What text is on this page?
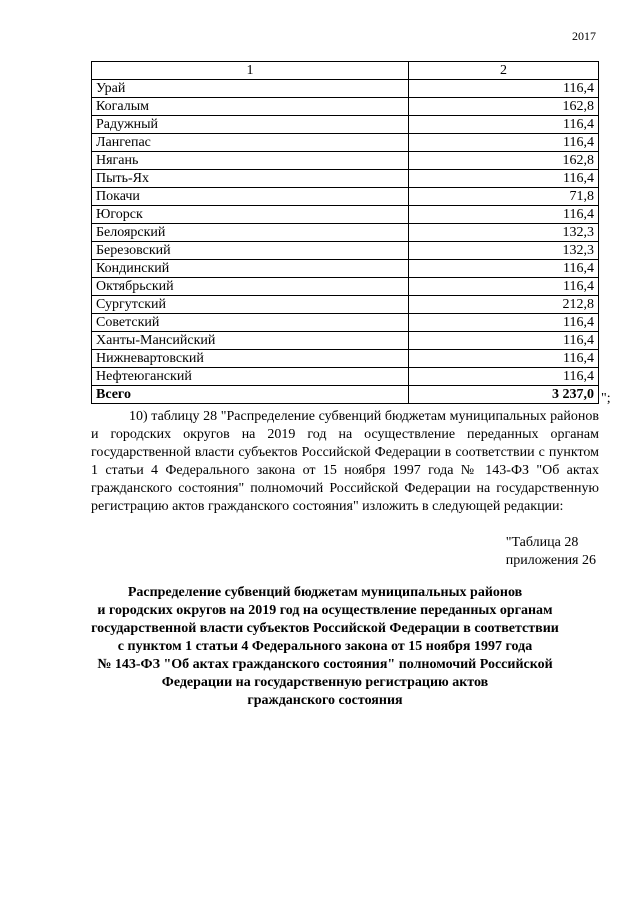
2017
1	2
Урай	116,4
Когалым	162,8
Радужный	116,4
Лангепас	116,4
Нягань	162,8
Пыть-Ях	116,4
Покачи	71,8
Югорск	116,4
Белоярский	132,3
Березовский	132,3
Кондинский	116,4
Октябрьский	116,4
Сургутский	212,8
Советский	116,4
Ханты-Мансийский	116,4
Нижневартовский	116,4
Нефтеюганский	116,4
Всего	3 237,0 ";

10) таблицу 28 "Распределение субвенций бюджетам муниципальных районов и городских округов на 2019 год на осуществление переданных органам государственной власти субъектов Российской Федерации в соответствии с пунктом 1 статьи 4 Федерального закона от 15 ноября 1997 года № 143-ФЗ "Об актах гражданского состояния" полномочий Российской Федерации на государственную регистрацию актов гражданского состояния" изложить в следующей редакции:

"Таблица 28
приложения 26
Распределение субвенций бюджетам муниципальных районов
и городских округов на 2019 год на осуществление переданных органам
государственной власти субъектов Российской Федерации в соответствии
с пунктом 1 статьи 4 Федерального закона от 15 ноября 1997 года
№ 143-ФЗ "Об актах гражданского состояния" полномочий Российской
Федерации на государственную регистрацию актов
гражданского состояния
